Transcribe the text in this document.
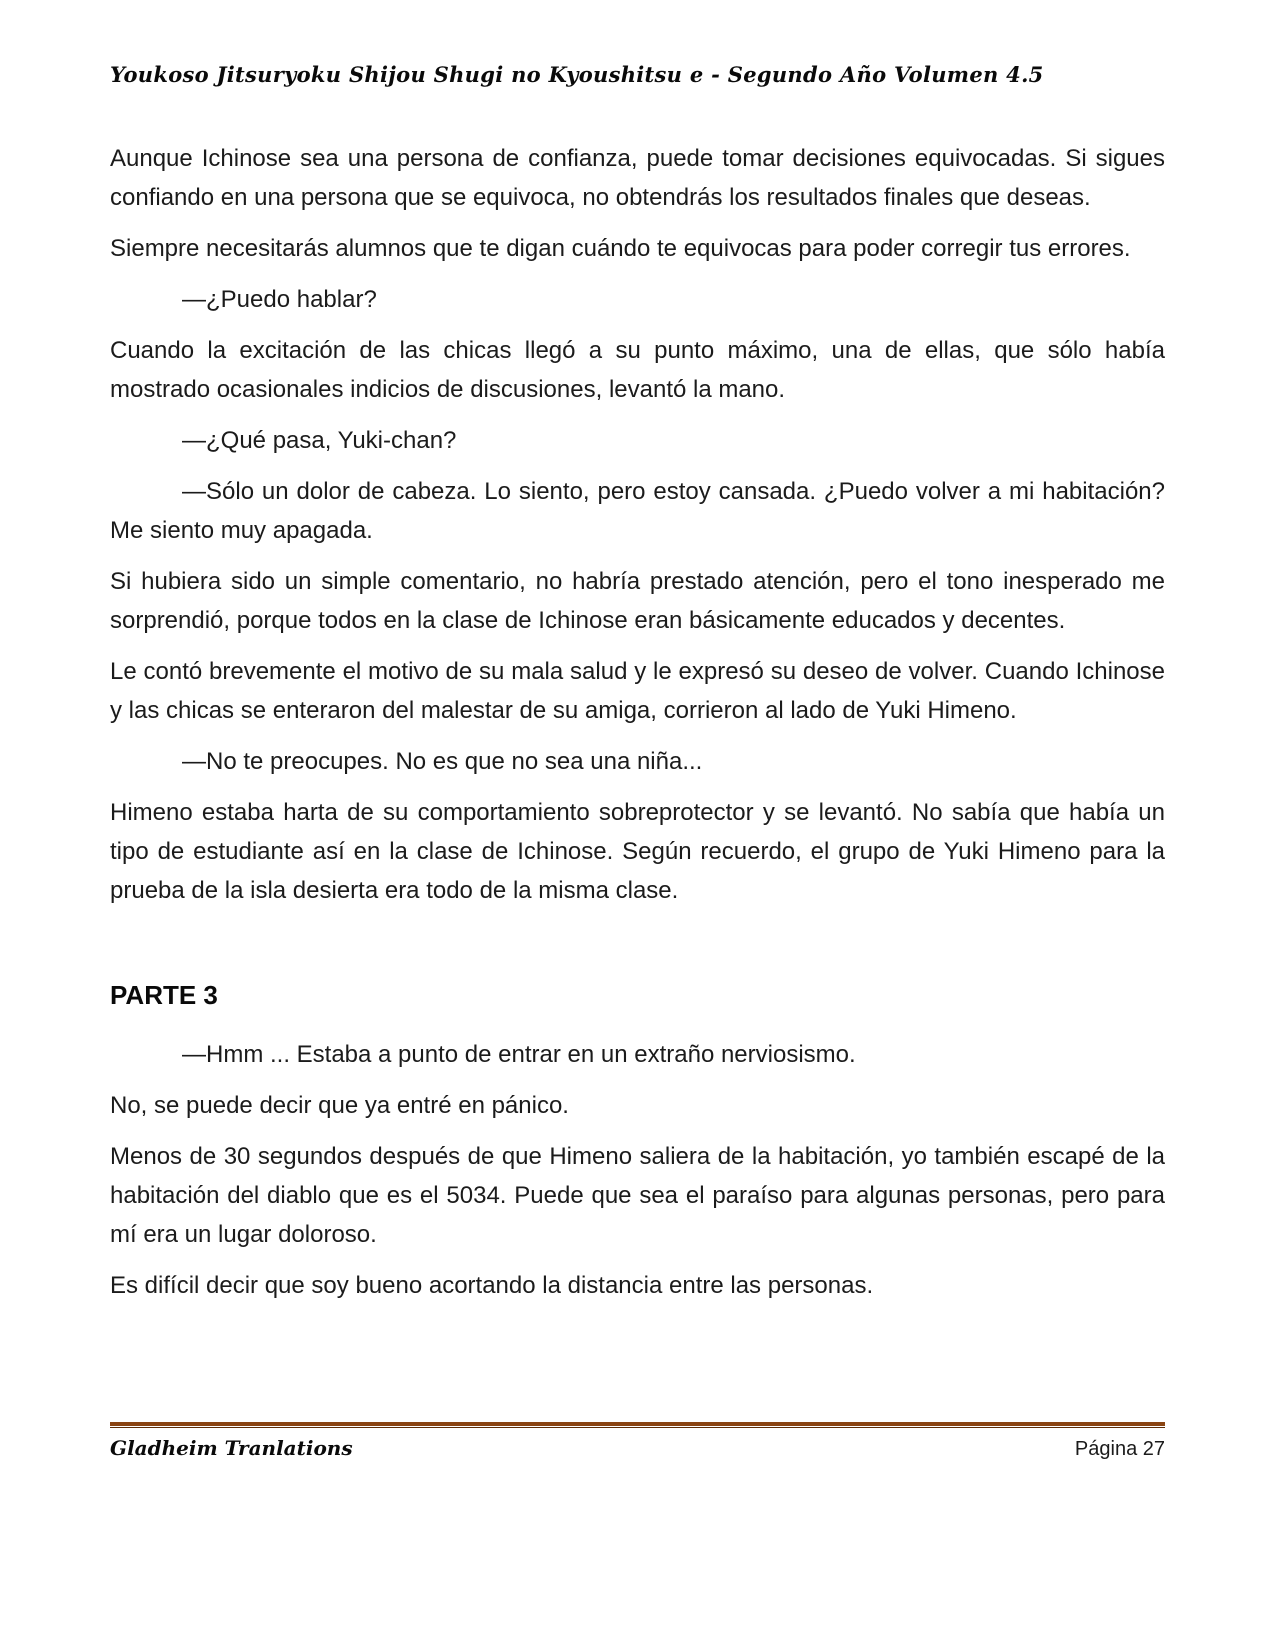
Youkoso Jitsuryoku Shijou Shugi no Kyoushitsu e - Segundo Año Volumen 4.5

Aunque Ichinose sea una persona de confianza, puede tomar decisiones equivocadas. Si sigues confiando en una persona que se equivoca, no obtendrás los resultados finales que deseas.

Siempre necesitarás alumnos que te digan cuándo te equivocas para poder corregir tus errores.

—¿Puedo hablar?

Cuando la excitación de las chicas llegó a su punto máximo, una de ellas, que sólo había mostrado ocasionales indicios de discusiones, levantó la mano.

—¿Qué pasa, Yuki-chan?

—Sólo un dolor de cabeza. Lo siento, pero estoy cansada. ¿Puedo volver a mi habitación? Me siento muy apagada.

Si hubiera sido un simple comentario, no habría prestado atención, pero el tono inesperado me sorprendió, porque todos en la clase de Ichinose eran básicamente educados y decentes.

Le contó brevemente el motivo de su mala salud y le expresó su deseo de volver. Cuando Ichinose y las chicas se enteraron del malestar de su amiga, corrieron al lado de Yuki Himeno.

—No te preocupes. No es que no sea una niña...

Himeno estaba harta de su comportamiento sobreprotector y se levantó. No sabía que había un tipo de estudiante así en la clase de Ichinose. Según recuerdo, el grupo de Yuki Himeno para la prueba de la isla desierta era todo de la misma clase.

PARTE 3

—Hmm ... Estaba a punto de entrar en un extraño nerviosismo.

No, se puede decir que ya entré en pánico.

Menos de 30 segundos después de que Himeno saliera de la habitación, yo también escapé de la habitación del diablo que es el 5034. Puede que sea el paraíso para algunas personas, pero para mí era un lugar doloroso.

Es difícil decir que soy bueno acortando la distancia entre las personas.

Gladheim Tranlations	Página 27
